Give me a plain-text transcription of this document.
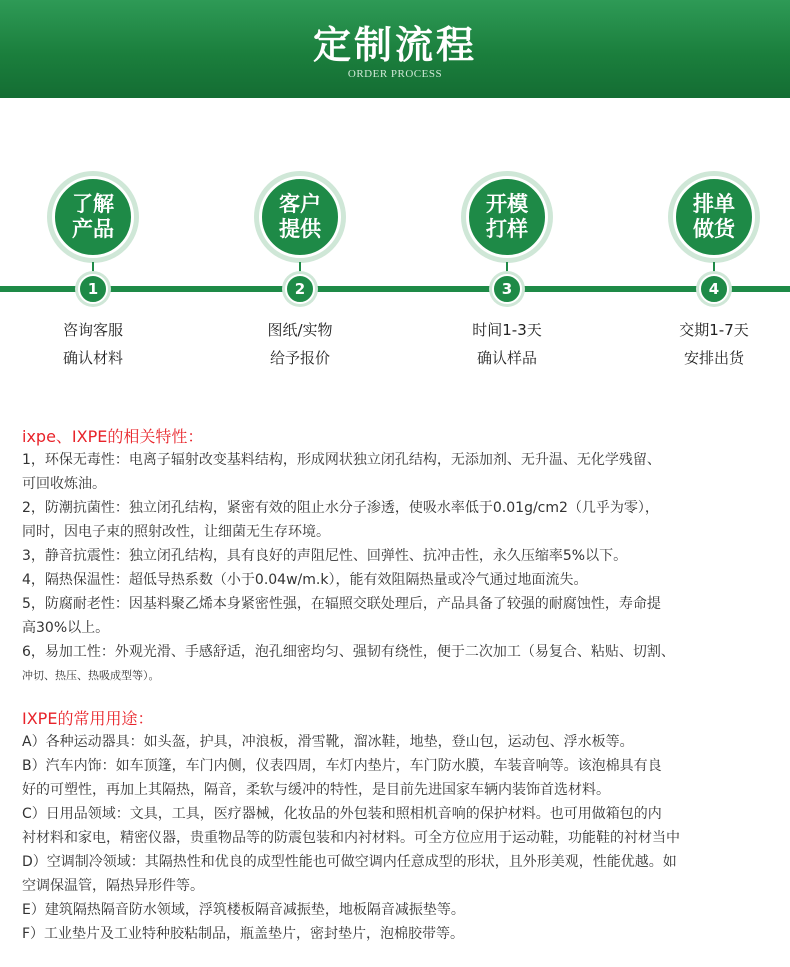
定制流程
ORDER PROCESS
了解
产品
1
咨询客服
确认材料
客户
提供
2
图纸/实物
给予报价
开模
打样
3
时间1-3天
确认样品
排单
做货
4
交期1-7天
安排出货
ixpe、IXPE的相关特性：
1，环保无毒性：电离子辐射改变基料结构，形成网状独立闭孔结构，无添加剂、无升温、无化学残留、
可回收炼油。
2，防潮抗菌性：独立闭孔结构，紧密有效的阻止水分子渗透，使吸水率低于0.01g/cm2（几乎为零），
同时，因电子束的照射改性，让细菌无生存环境。
3，静音抗震性：独立闭孔结构，具有良好的声阻尼性、回弹性、抗冲击性，永久压缩率5%以下。
4，隔热保温性：超低导热系数（小于0.04w/m.k），能有效阻隔热量或冷气通过地面流失。
5，防腐耐老性：因基料聚乙烯本身紧密性强，在辐照交联处理后，产品具备了较强的耐腐蚀性，寿命提
高30%以上。
6，易加工性：外观光滑、手感舒适，泡孔细密均匀、强韧有绕性，便于二次加工（易复合、粘贴、切割、
冲切、热压、热吸成型等）。
IXPE的常用用途：
A）各种运动器具：如头盔，护具，冲浪板，滑雪靴，溜冰鞋，地垫，登山包，运动包、浮水板等。
B）汽车内饰：如车顶篷，车门内侧，仪表四周，车灯内垫片，车门防水膜，车装音响等。该泡棉具有良
好的可塑性，再加上其隔热，隔音，柔软与缓冲的特性，是目前先进国家车辆内装饰首选材料。
C）日用品领域：文具，工具，医疗器械，化妆品的外包装和照相机音响的保护材料。也可用做箱包的内
衬材料和家电，精密仪器，贵重物品等的防震包装和内衬材料。可全方位应用于运动鞋，功能鞋的衬材当中
D）空调制冷领域：其隔热性和优良的成型性能也可做空调内任意成型的形状，且外形美观，性能优越。如
空调保温管，隔热异形件等。
E）建筑隔热隔音防水领域，浮筑楼板隔音减振垫，地板隔音减振垫等。
F）工业垫片及工业特种胶粘制品，瓶盖垫片，密封垫片，泡棉胶带等。
